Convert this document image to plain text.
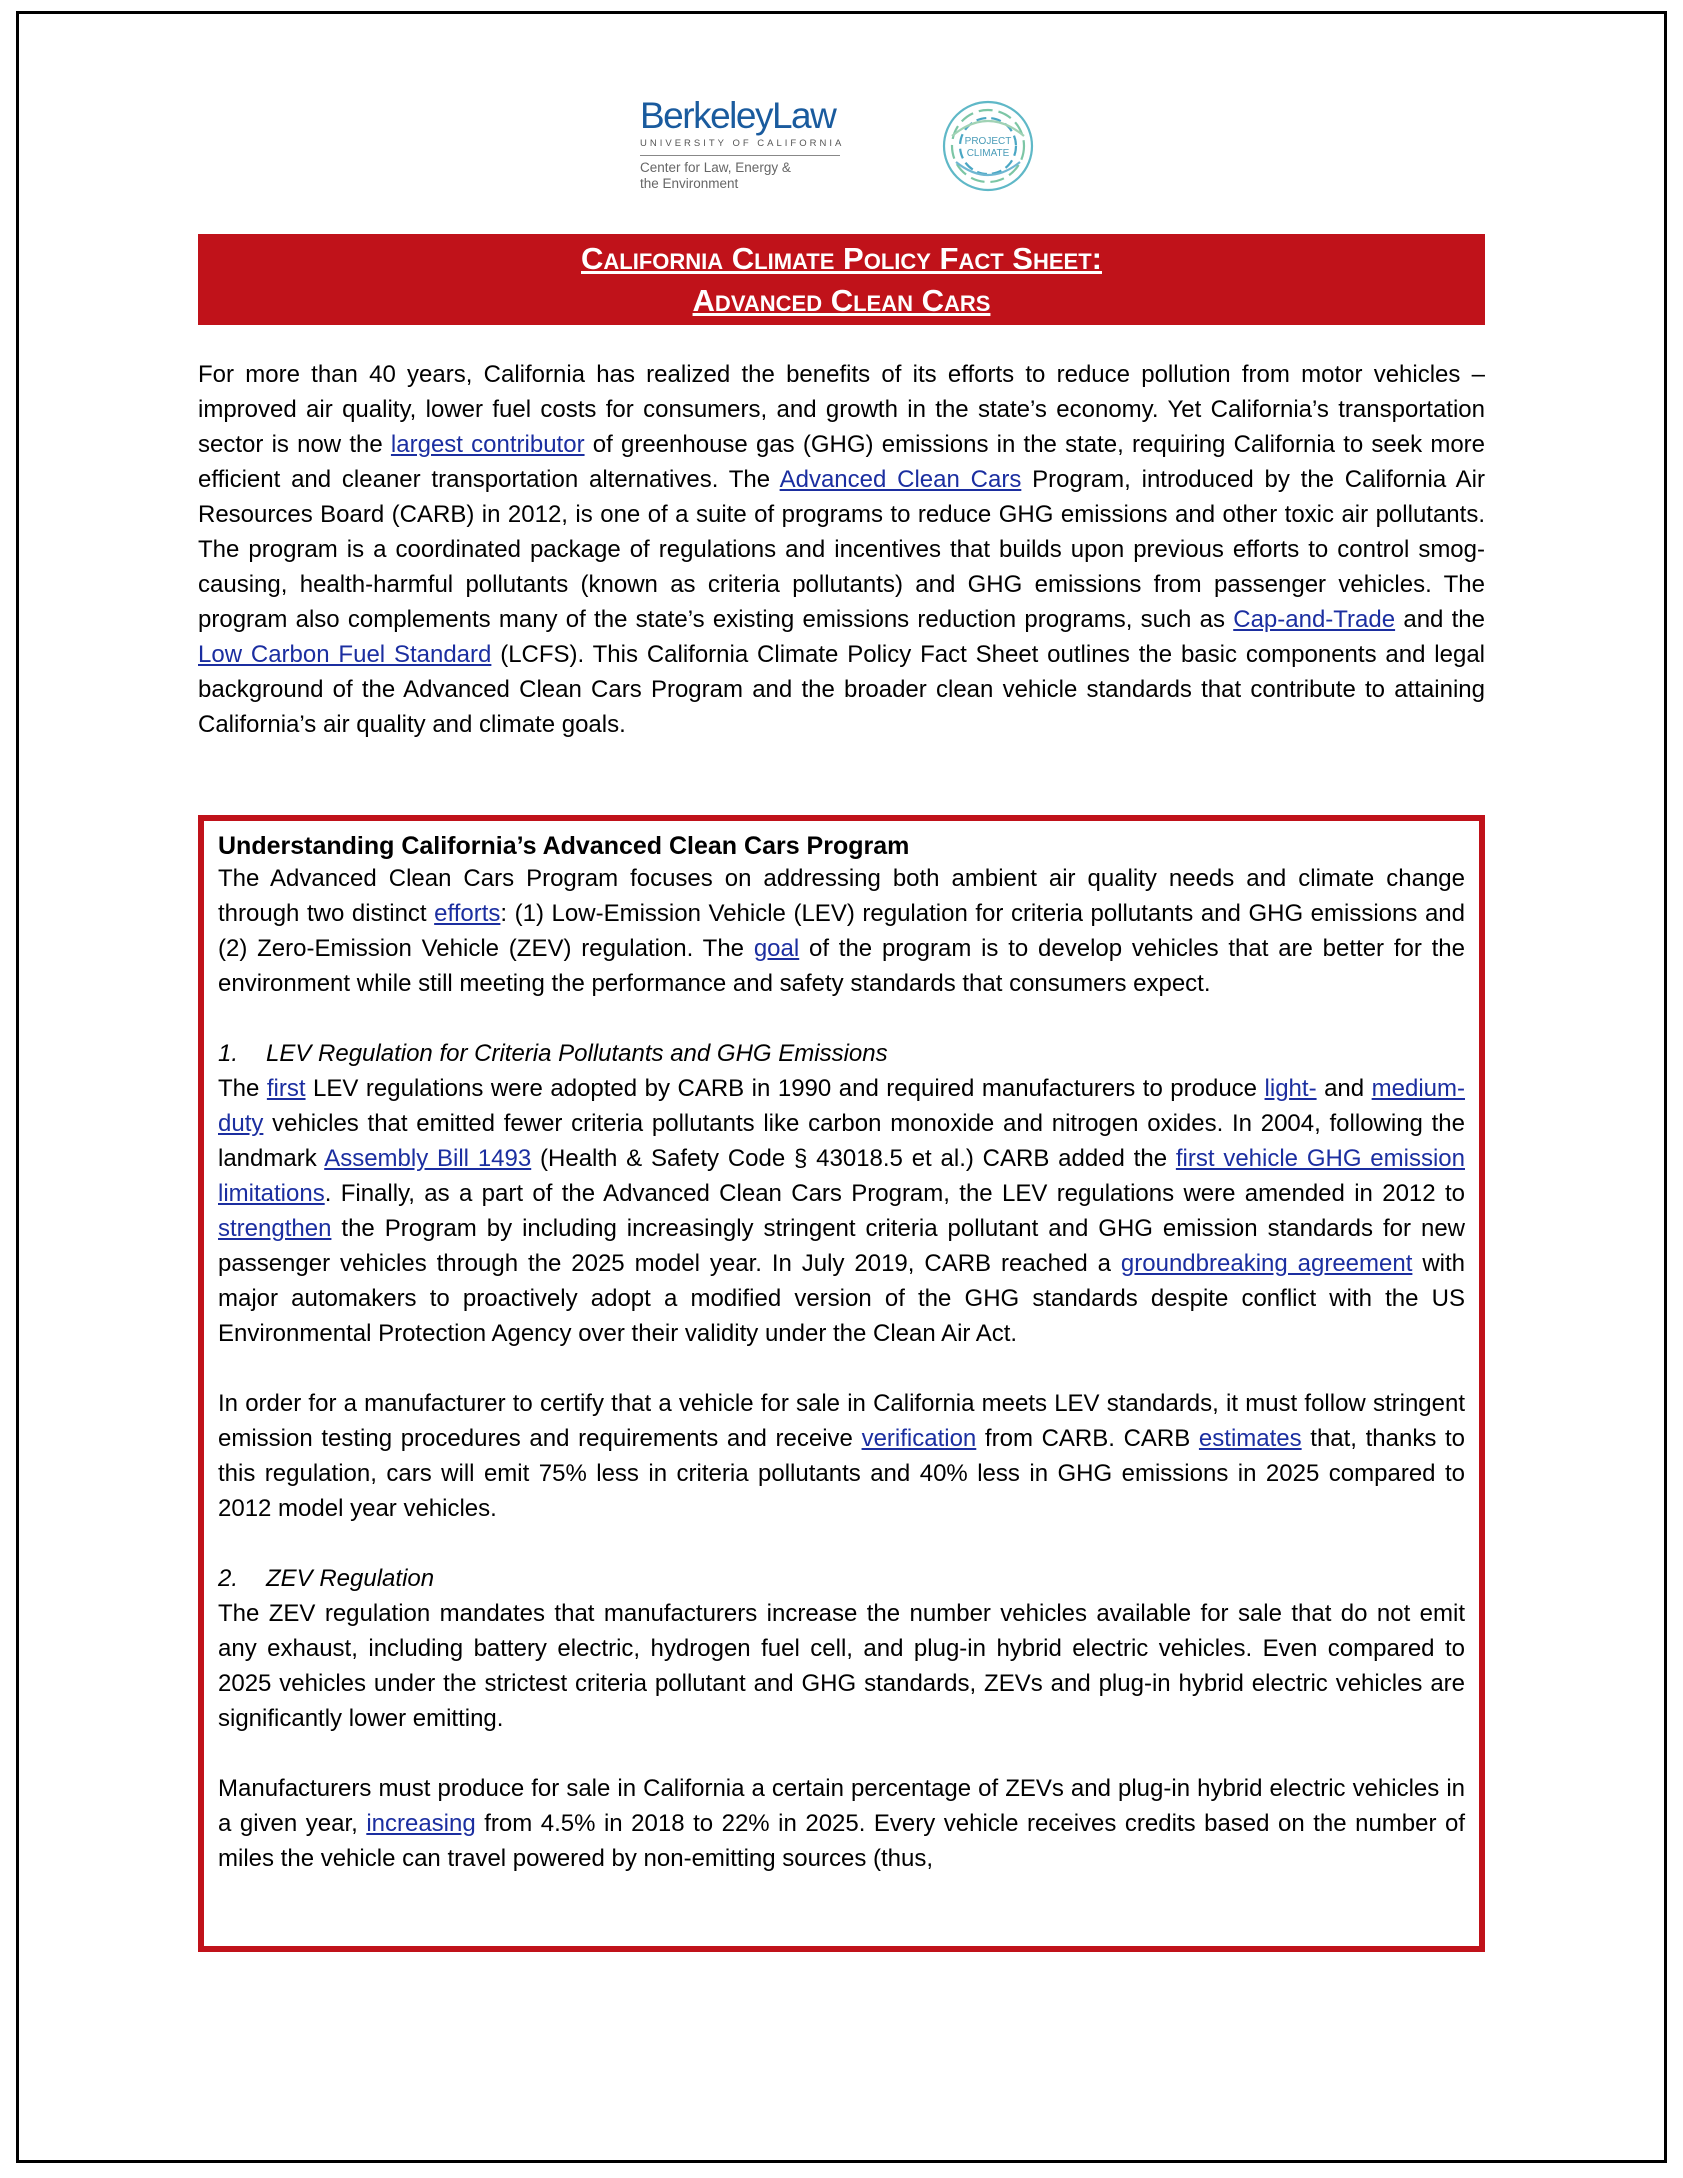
BerkeleyLaw
UNIVERSITY OF CALIFORNIA
Center for Law, Energy &
the Environment
PROJECT
CLIMATE
California Climate Policy Fact Sheet:
Advanced Clean Cars
For more than 40 years, California has realized the benefits of its efforts to reduce pollution from motor vehicles – improved air quality, lower fuel costs for consumers, and growth in the state’s economy. Yet California’s transportation sector is now the largest contributor of greenhouse gas (GHG) emissions in the state, requiring California to seek more efficient and cleaner transportation alternatives. The Advanced Clean Cars Program, introduced by the California Air Resources Board (CARB) in 2012, is one of a suite of programs to reduce GHG emissions and other toxic air pollutants. The program is a coordinated package of regulations and incentives that builds upon previous efforts to control smog-causing, health-harmful pollutants (known as criteria pollutants) and GHG emissions from passenger vehicles. The program also complements many of the state’s existing emissions reduction programs, such as Cap-and-Trade and the Low Carbon Fuel Standard (LCFS). This California Climate Policy Fact Sheet outlines the basic components and legal background of the Advanced Clean Cars Program and the broader clean vehicle standards that contribute to attaining California’s air quality and climate goals.
Understanding California’s Advanced Clean Cars Program

The Advanced Clean Cars Program focuses on addressing both ambient air quality needs and climate change through two distinct efforts: (1) Low-Emission Vehicle (LEV) regulation for criteria pollutants and GHG emissions and (2) Zero-Emission Vehicle (ZEV) regulation. The goal of the program is to develop vehicles that are better for the environment while still meeting the performance and safety standards that consumers expect.

1. LEV Regulation for Criteria Pollutants and GHG Emissions

The first LEV regulations were adopted by CARB in 1990 and required manufacturers to produce light- and medium-duty vehicles that emitted fewer criteria pollutants like carbon monoxide and nitrogen oxides. In 2004, following the landmark Assembly Bill 1493 (Health & Safety Code § 43018.5 et al.) CARB added the first vehicle GHG emission limitations. Finally, as a part of the Advanced Clean Cars Program, the LEV regulations were amended in 2012 to strengthen the Program by including increasingly stringent criteria pollutant and GHG emission standards for new passenger vehicles through the 2025 model year. In July 2019, CARB reached a groundbreaking agreement with major automakers to proactively adopt a modified version of the GHG standards despite conflict with the US Environmental Protection Agency over their validity under the Clean Air Act.

In order for a manufacturer to certify that a vehicle for sale in California meets LEV standards, it must follow stringent emission testing procedures and requirements and receive verification from CARB. CARB estimates that, thanks to this regulation, cars will emit 75% less in criteria pollutants and 40% less in GHG emissions in 2025 compared to 2012 model year vehicles.

2. ZEV Regulation

The ZEV regulation mandates that manufacturers increase the number vehicles available for sale that do not emit any exhaust, including battery electric, hydrogen fuel cell, and plug-in hybrid electric vehicles. Even compared to 2025 vehicles under the strictest criteria pollutant and GHG standards, ZEVs and plug-in hybrid electric vehicles are significantly lower emitting.

Manufacturers must produce for sale in California a certain percentage of ZEVs and plug-in hybrid electric vehicles in a given year, increasing from 4.5% in 2018 to 22% in 2025. Every vehicle receives credits based on the number of miles the vehicle can travel powered by non-emitting sources (thus,
